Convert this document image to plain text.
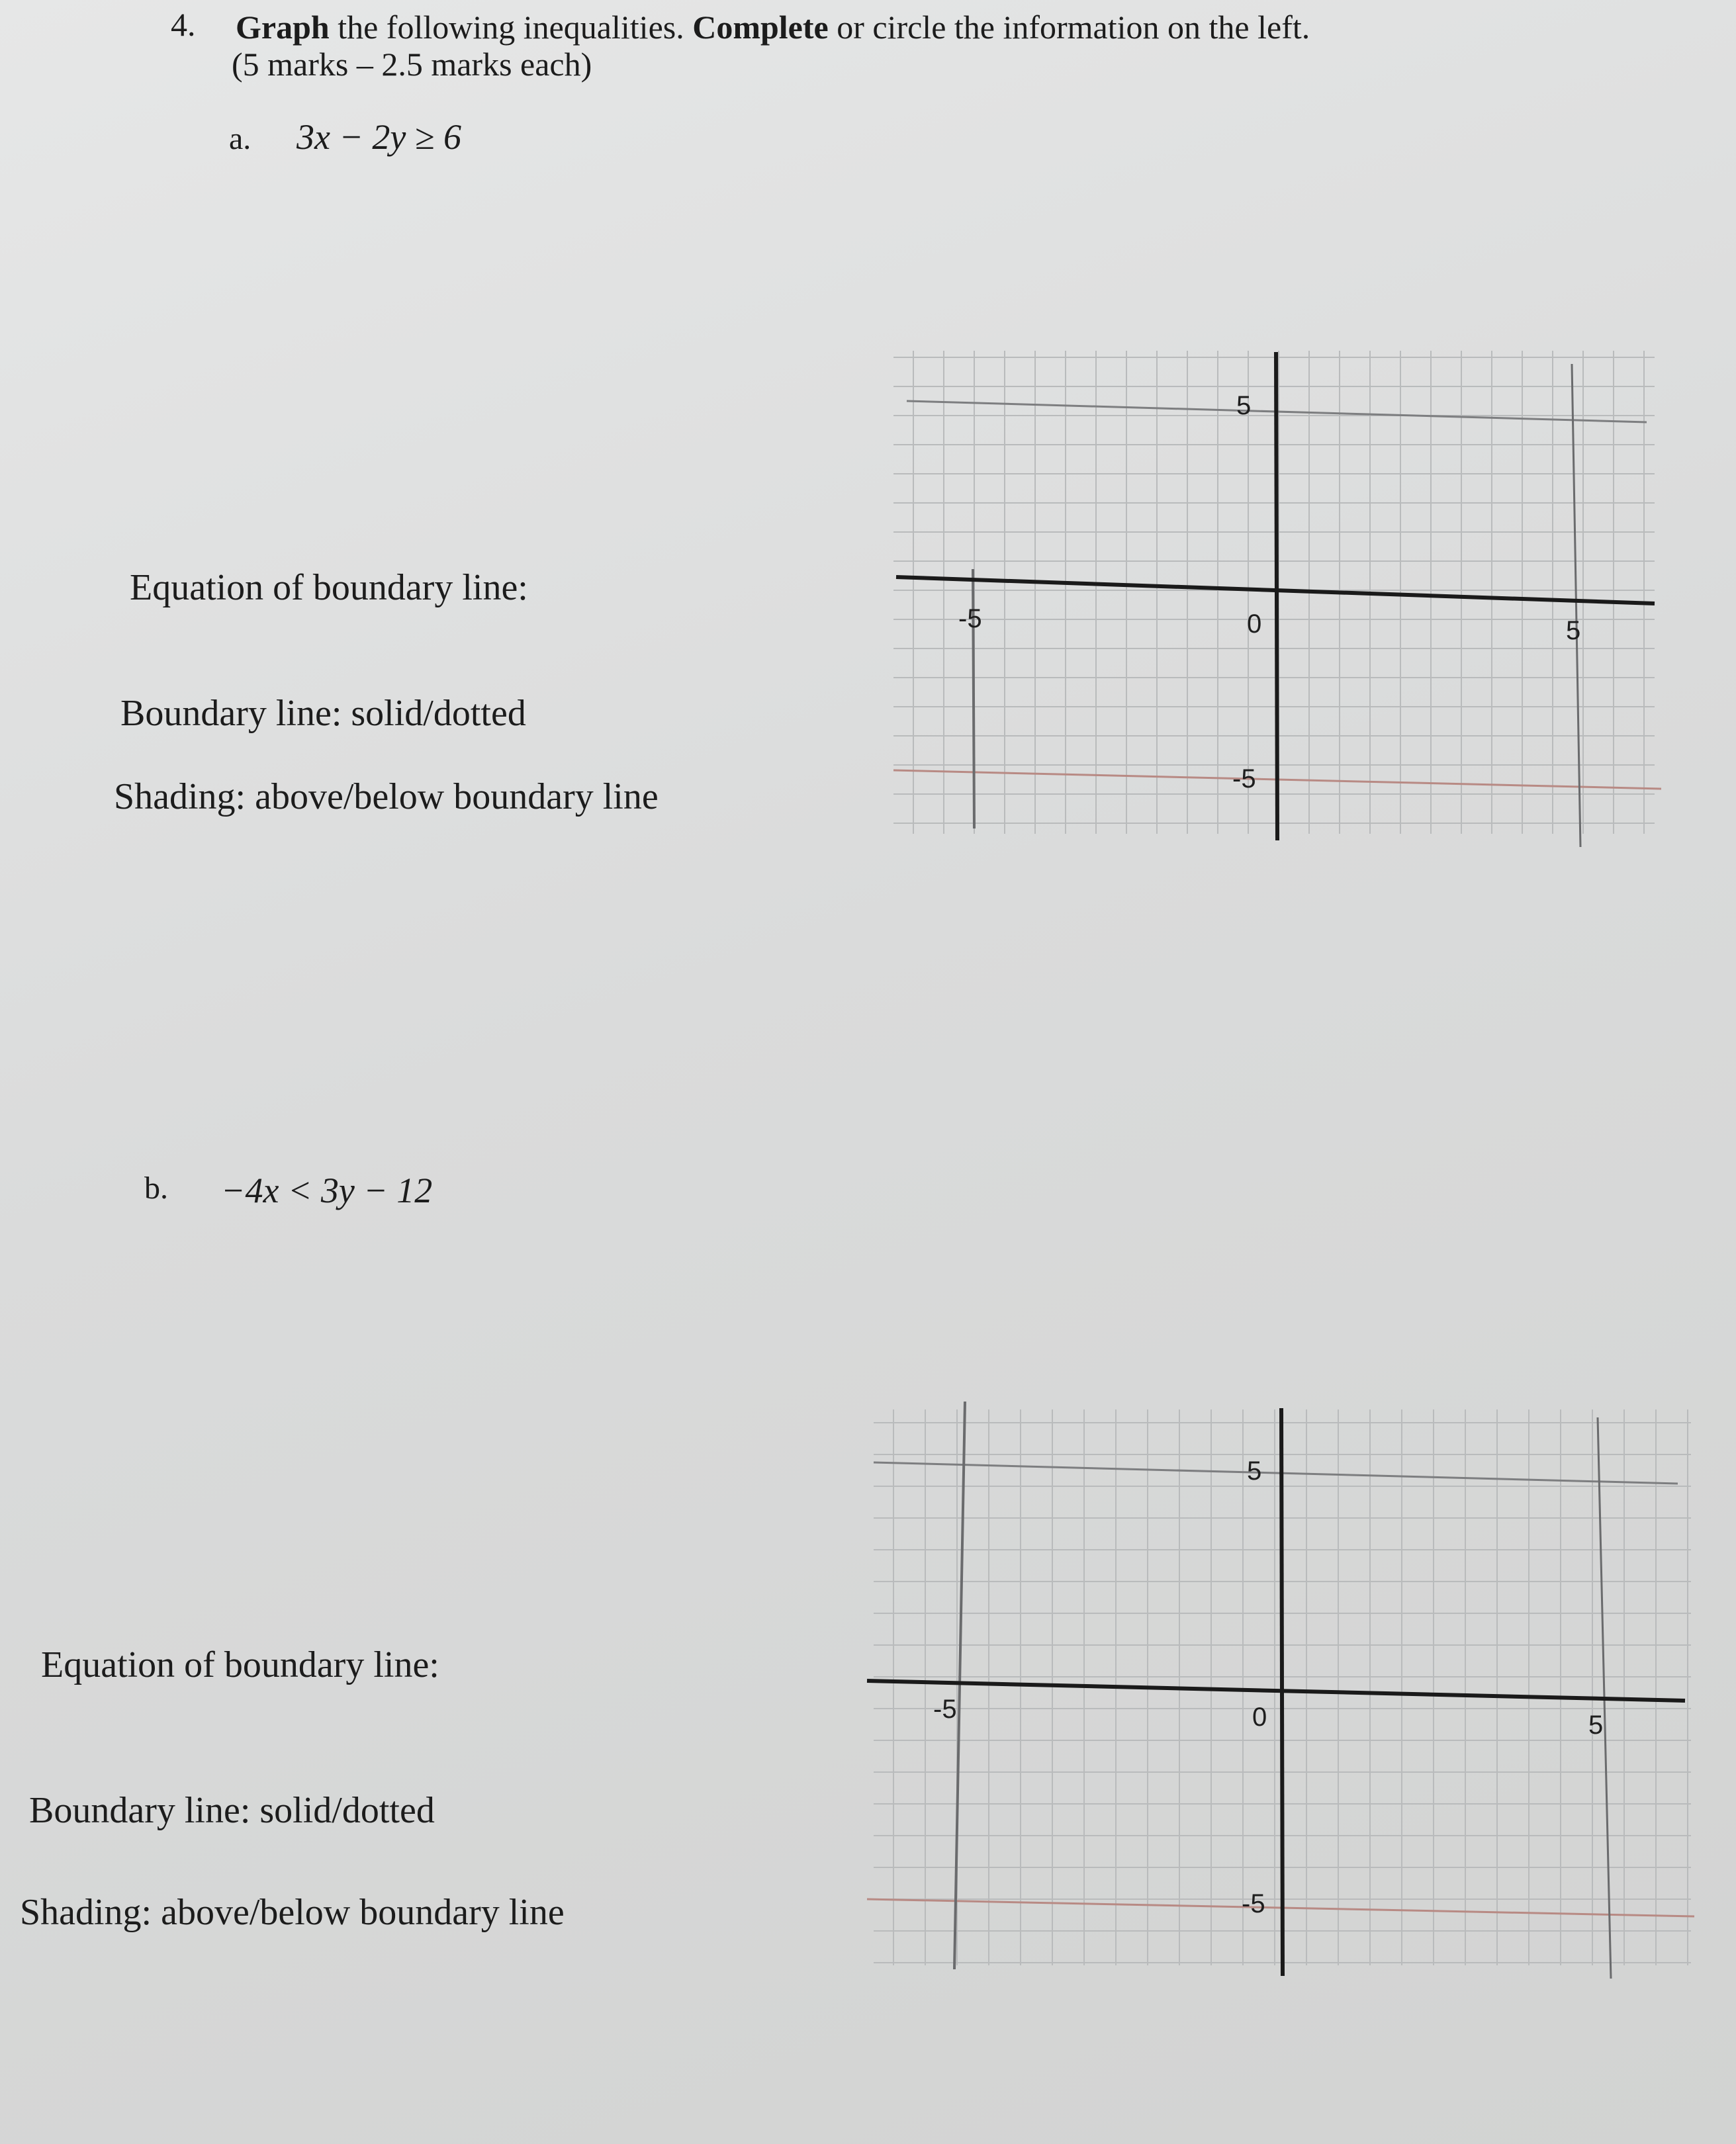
4. Graph the following inequalities. Complete or circle the information on the left.
(5 marks – 2.5 marks each)
a. 3x − 2y ≥ 6
Equation of boundary line:
Boundary line: solid/dotted
Shading: above/below boundary line
5
-5	0	5
-5
b. −4x < 3y − 12
Equation of boundary line:
Boundary line: solid/dotted
Shading: above/below boundary line
5
-5	0	5
-5
